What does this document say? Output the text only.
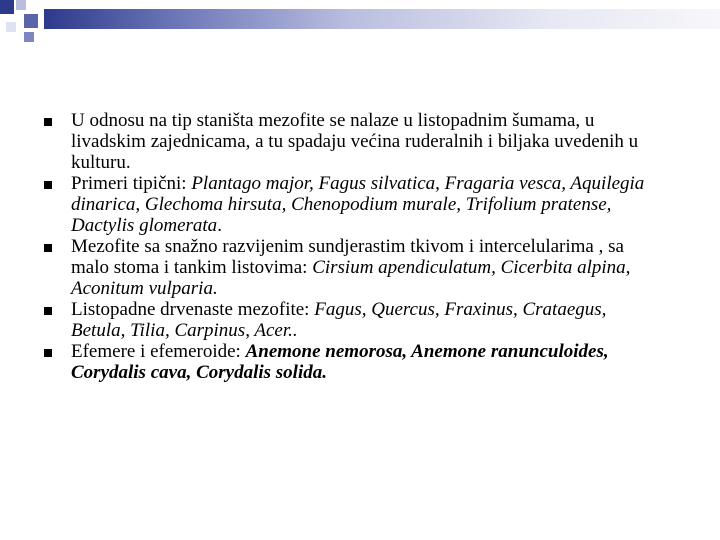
U odnosu na tip staništa mezofite se nalaze u listopadnim šumama, u livadskim zajednicama, a tu spadaju većina ruderalnih i biljaka uvedenih u kulturu.
Primeri tipični: Plantago major, Fagus silvatica, Fragaria vesca, Aquilegia dinarica, Glechoma hirsuta, Chenopodium murale, Trifolium pratense, Dactylis glomerata.
Mezofite sa snažno razvijenim sundjerastim tkivom i intercelularima , sa malo stoma i tankim listovima: Cirsium apendiculatum, Cicerbita alpina, Aconitum vulparia.
Listopadne drvenaste mezofite: Fagus, Quercus, Fraxinus, Crataegus, Betula, Tilia, Carpinus, Acer..
Efemere i efemeroide: Anemone nemorosa, Anemone ranunculoides, Corydalis cava, Corydalis solida.
